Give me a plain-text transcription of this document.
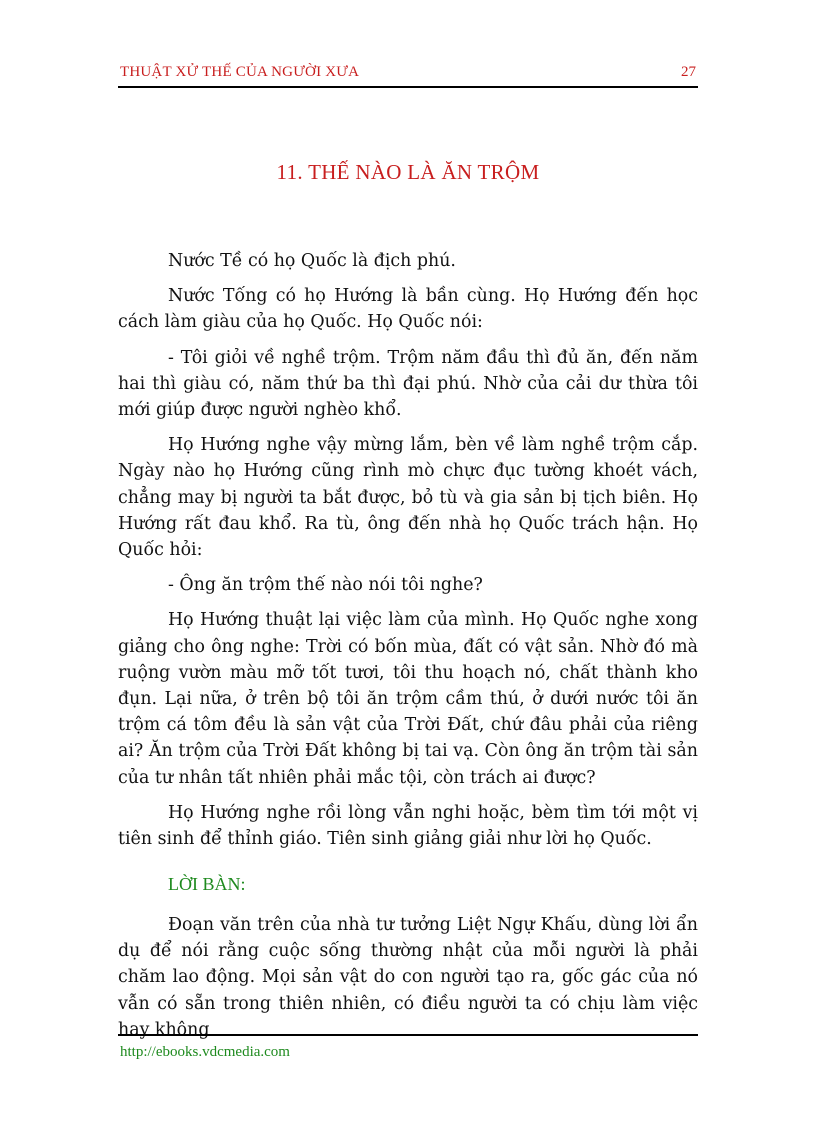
THUẬT XỬ THẾ CỦA NGƯỜI XƯA	27
11. THẾ NÀO LÀ ĂN TRỘM

Nước Tề có họ Quốc là địch phú.

Nước Tống có họ Hướng là bần cùng. Họ Hướng đến học cách làm giàu của họ Quốc. Họ Quốc nói:

- Tôi giỏi về nghề trộm. Trộm năm đầu thì đủ ăn, đến năm hai thì giàu có, năm thứ ba thì đại phú. Nhờ của cải dư thừa tôi mới giúp được người nghèo khổ.

Họ Hướng nghe vậy mừng lắm, bèn về làm nghề trộm cắp. Ngày nào họ Hướng cũng rình mò chực đục tường khoét vách, chẳng may bị người ta bắt được, bỏ tù và gia sản bị tịch biên. Họ Hướng rất đau khổ. Ra tù, ông đến nhà họ Quốc trách hận. Họ Quốc hỏi:

- Ông ăn trộm thế nào nói tôi nghe?

Họ Hướng thuật lại việc làm của mình. Họ Quốc nghe xong giảng cho ông nghe: Trời có bốn mùa, đất có vật sản. Nhờ đó mà ruộng vườn màu mỡ tốt tươi, tôi thu hoạch nó, chất thành kho đụn. Lại nữa, ở trên bộ tôi ăn trộm cầm thú, ở dưới nước tôi ăn trộm cá tôm đều là sản vật của Trời Đất, chứ đâu phải của riêng ai? Ăn trộm của Trời Đất không bị tai vạ. Còn ông ăn trộm tài sản của tư nhân tất nhiên phải mắc tội, còn trách ai được?

Họ Hướng nghe rồi lòng vẫn nghi hoặc, bèm tìm tới một vị tiên sinh để thỉnh giáo. Tiên sinh giảng giải như lời họ Quốc.

LỜI BÀN:

Đoạn văn trên của nhà tư tưởng Liệt Ngự Khấu, dùng lời ẩn dụ để nói rằng cuộc sống thường nhật của mỗi người là phải chăm lao động. Mọi sản vật do con người tạo ra, gốc gác của nó vẫn có sẵn trong thiên nhiên, có điều người ta có chịu làm việc hay không

http://ebooks.vdcmedia.com
